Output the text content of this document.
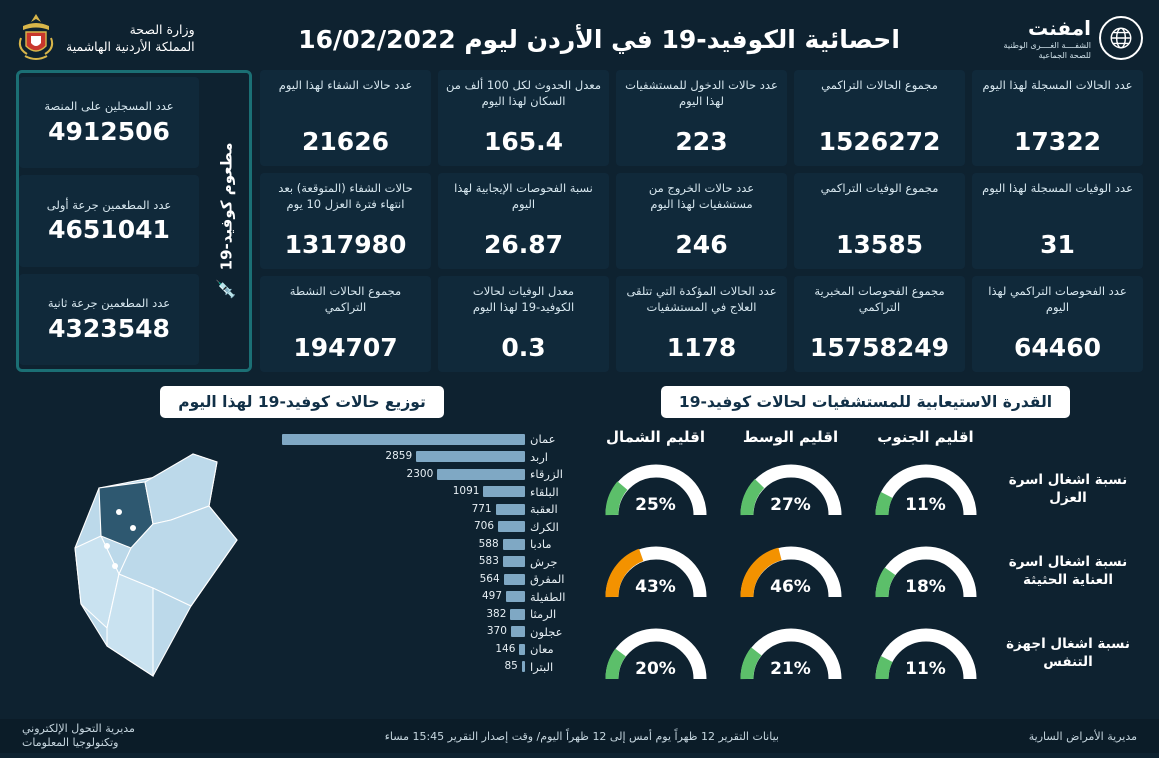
امفنت
الشفــــة الغــــرى الوطنية
للصحة الجماعية
احصائية الكوفيد-19 في الأردن ليوم 16/02/2022
وزارة الصحة
المملكة الأردنية الهاشمية
عدد الحالات المسجلة لهذا اليوم
17322
مجموع الحالات التراكمي
1526272
عدد حالات الدخول للمستشفيات لهذا اليوم
223
معدل الحدوث لكل 100 ألف من السكان لهذا اليوم
165.4
عدد حالات الشفاء لهذا اليوم
21626
عدد الوفيات المسجلة لهذا اليوم
31
مجموع الوفيات التراكمي
13585
عدد حالات الخروج من مستشفيات لهذا اليوم
246
نسبة الفحوصات الإيجابية لهذا اليوم
26.87
حالات الشفاء (المتوقعة) بعد انتهاء فترة العزل 10 يوم
1317980
عدد الفحوصات التراكمي لهذا اليوم
64460
مجموع الفحوصات المخبرية التراكمي
15758249
عدد الحالات المؤكدة التي تتلقى العلاج في المستشفيات
1178
معدل الوفيات لحالات الكوفيد-19 لهذا اليوم
0.3
مجموع الحالات النشطة التراكمي
194707
عدد المسجلين على المنصة
4912506
عدد المطعمين جرعة أولى
4651041
عدد المطعمين جرعة ثانية
4323548
مطعوم كوفيد-19
💉
القدرة الاستيعابية للمستشفيات لحالات كوفيد-19
توزيع حالات كوفيد-19 لهذا اليوم
اقليم الجنوب
اقليم الوسط
اقليم الشمال
نسبة اشغال اسرة العزل
11%
27%
25%
نسبة اشغال اسرة العناية الحثيثة
18%
46%
43%
نسبة اشغال اجهزة التنفس
11%
21%
20%
عمان
اربد
2859
الزرقاء
2300
البلقاء
1091
العقبة
771
الكرك
706
مادبا
588
جرش
583
المفرق
564
الطفيلة
497
الرمثا
382
عجلون
370
معان
146
البترا
85
مديرية الأمراض السارية
بيانات التقرير 12 ظهراً يوم أمس إلى 12 ظهراً اليوم/ وقت إصدار التقرير 15:45 مساء
مديرية التحول الإلكتروني
وتكنولوجيا المعلومات
